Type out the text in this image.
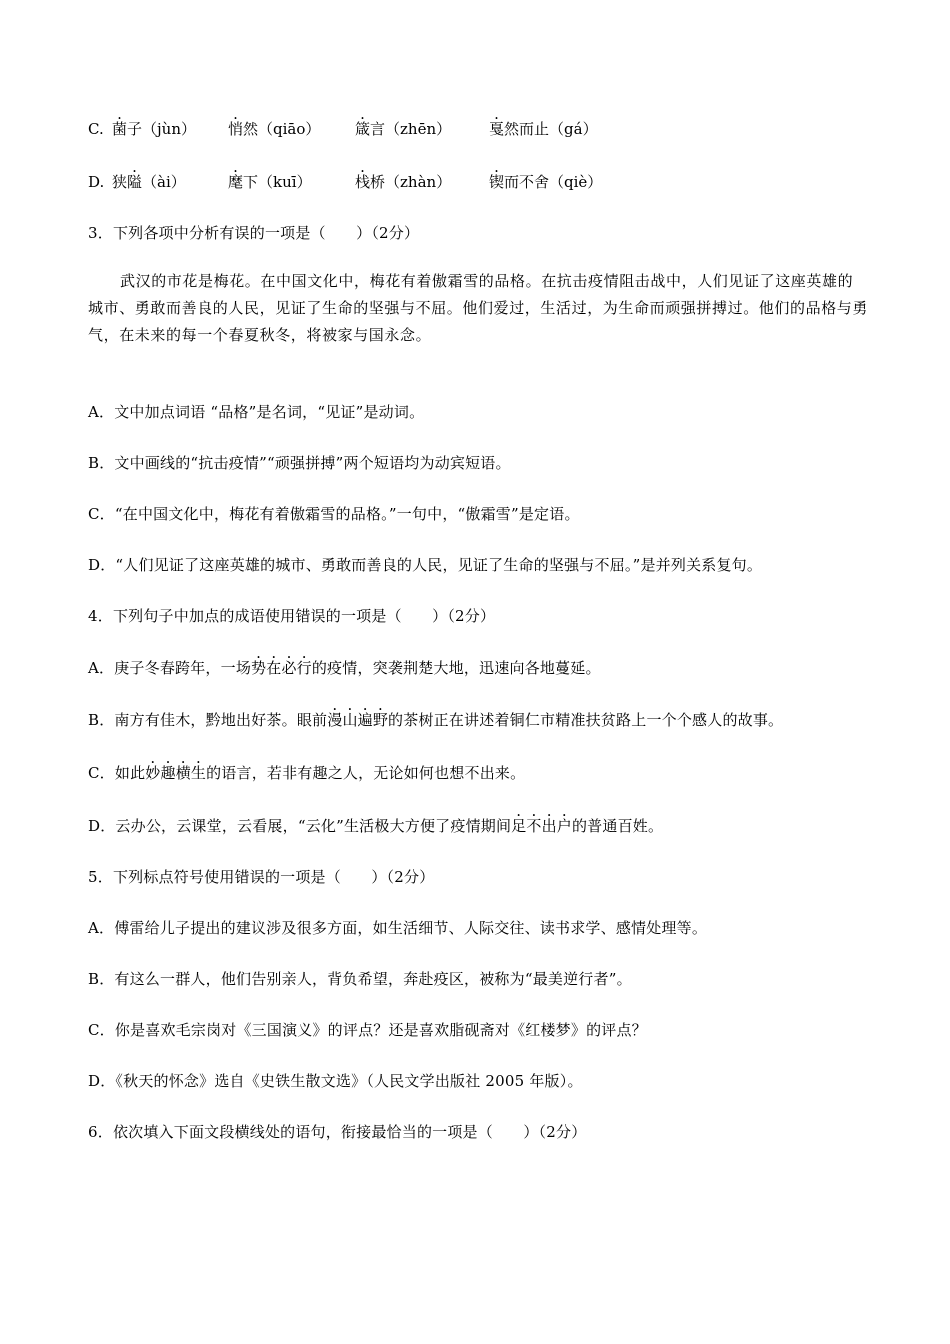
C. 菌子（jùn） 悄然（qiāo） 箴言（zhēn）	戛然而止（gá）
D. 狭隘（ài）	麾下（kuī）	栈桥（zhàn）	锲而不舍（qiè）
3．下列各项中分析有误的一项是（　　）（2分）
武汉的市花是梅花。在中国文化中，梅花有着傲霜雪的品格。在抗击疫情阻击战中，人们见证了这座英雄的城市、勇敢而善良的人民，见证了生命的坚强与不屈。他们爱过，生活过，为生命而顽强拼搏过。他们的品格与勇气，在未来的每一个春夏秋冬，将被家与国永念。
A．文中加点词语 “品格”是名词，“见证”是动词。
B．文中画线的“抗击疫情”“顽强拼搏”两个短语均为动宾短语。
C．“在中国文化中，梅花有着傲霜雪的品格。”一句中，“傲霜雪”是定语。
D．“人们见证了这座英雄的城市、勇敢而善良的人民，见证了生命的坚强与不屈。”是并列关系复句。
4．下列句子中加点的成语使用错误的一项是（　　）（2分）
A．庚子冬春跨年，一场势在必行的疫情，突袭荆楚大地，迅速向各地蔓延。
B．南方有佳木，黔地出好茶。眼前漫山遍野的茶树正在讲述着铜仁市精准扶贫路上一个个感人的故事。
C．如此妙趣横生的语言，若非有趣之人，无论如何也想不出来。
D．云办公，云课堂，云看展，“云化”生活极大方便了疫情期间足不出户的普通百姓。
5．下列标点符号使用错误的一项是（　　）（2分）
A．傅雷给儿子提出的建议涉及很多方面，如生活细节、人际交往、读书求学、感情处理等。
B．有这么一群人，他们告别亲人，背负希望，奔赴疫区，被称为“最美逆行者”。
C．你是喜欢毛宗岗对《三国演义》的评点？还是喜欢脂砚斋对《红楼梦》的评点？
D．《秋天的怀念》选自《史铁生散文选》（人民文学出版社 2005 年版）。
6．依次填入下面文段横线处的语句，衔接最恰当的一项是（　　）（2分）
